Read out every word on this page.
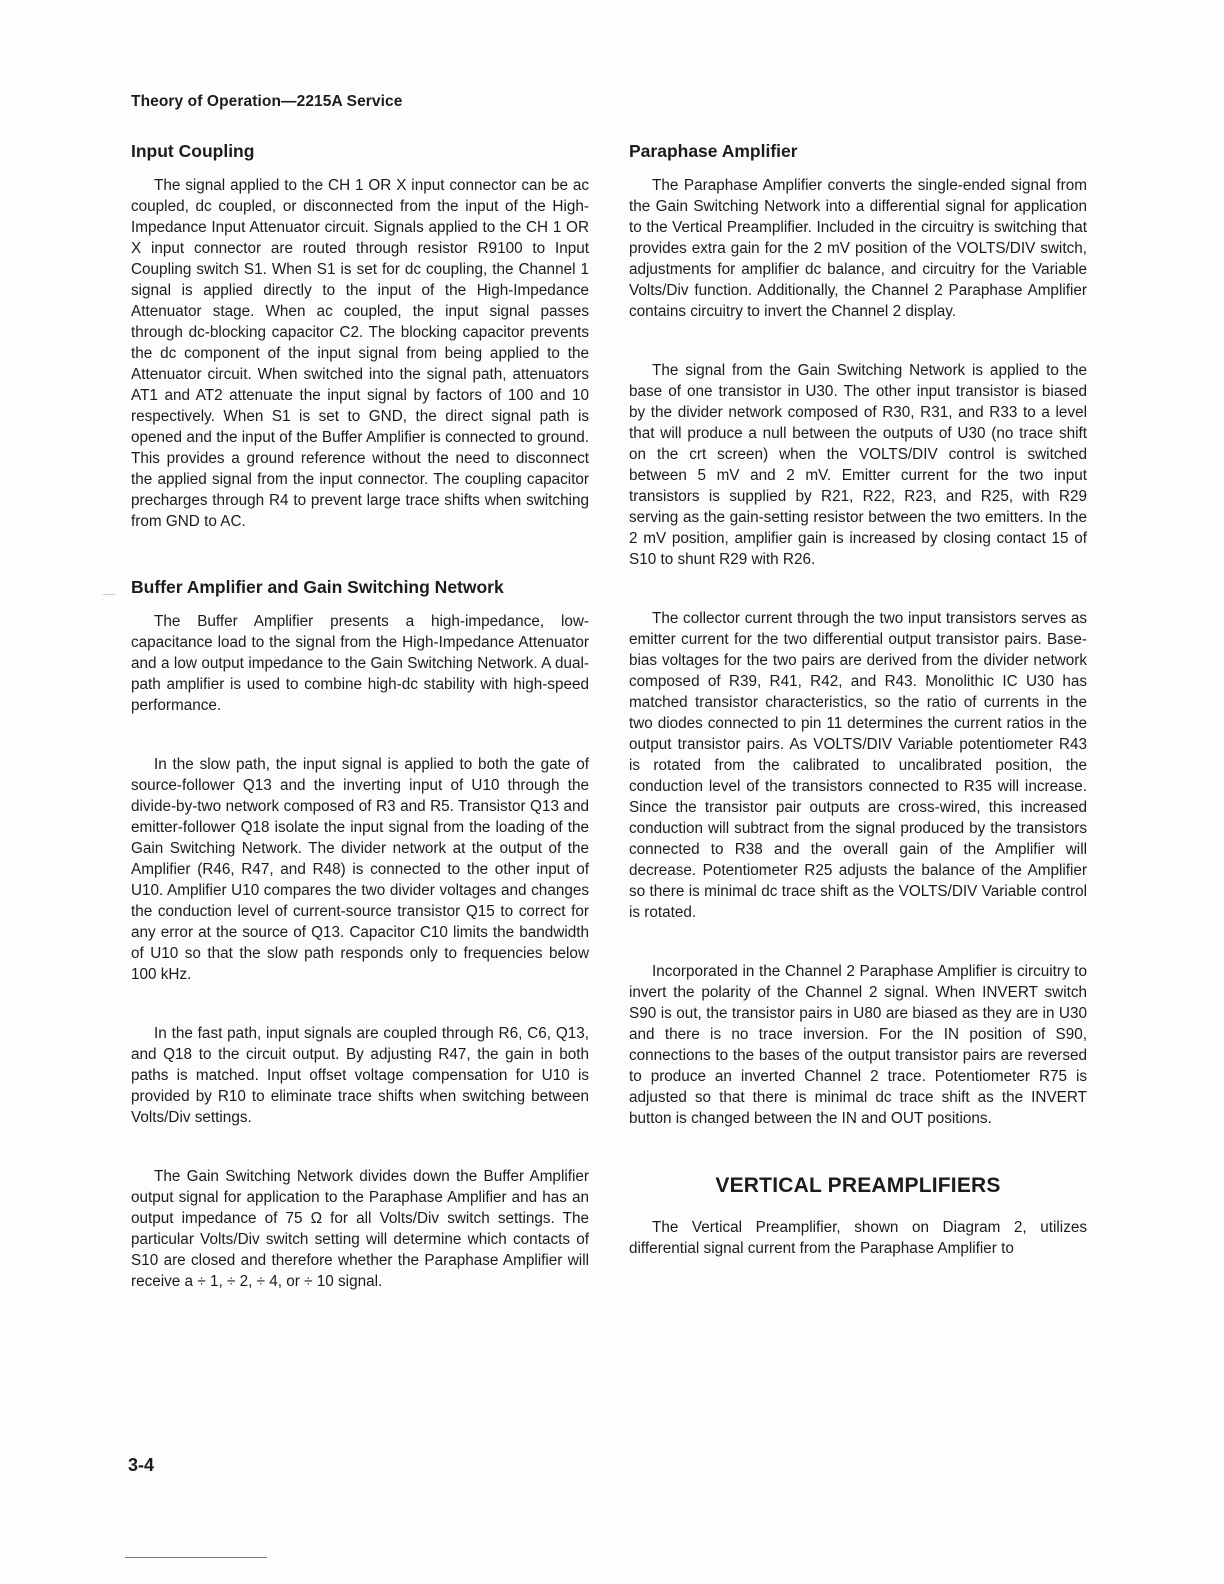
Theory of Operation—2215A Service
Input Coupling

The signal applied to the CH 1 OR X input connector can be ac coupled, dc coupled, or disconnected from the input of the High-Impedance Input Attenuator circuit. Signals applied to the CH 1 OR X input connector are routed through resistor R9100 to Input Coupling switch S1. When S1 is set for dc coupling, the Channel 1 signal is applied directly to the input of the High-Impedance Attenuator stage. When ac coupled, the input signal passes through dc-blocking capacitor C2. The blocking capacitor prevents the dc component of the input signal from being applied to the Attenuator circuit. When switched into the signal path, attenuators AT1 and AT2 attenuate the input signal by factors of 100 and 10 respectively. When S1 is set to GND, the direct signal path is opened and the input of the Buffer Amplifier is connected to ground. This provides a ground reference without the need to disconnect the applied signal from the input connector. The coupling capacitor precharges through R4 to prevent large trace shifts when switching from GND to AC.

Buffer Amplifier and Gain Switching Network

The Buffer Amplifier presents a high-impedance, low-capacitance load to the signal from the High-Impedance Attenuator and a low output impedance to the Gain Switching Network. A dual-path amplifier is used to combine high-dc stability with high-speed performance.

In the slow path, the input signal is applied to both the gate of source-follower Q13 and the inverting input of U10 through the divide-by-two network composed of R3 and R5. Transistor Q13 and emitter-follower Q18 isolate the input signal from the loading of the Gain Switching Network. The divider network at the output of the Amplifier (R46, R47, and R48) is connected to the other input of U10. Amplifier U10 compares the two divider voltages and changes the conduction level of current-source transistor Q15 to correct for any error at the source of Q13. Capacitor C10 limits the bandwidth of U10 so that the slow path responds only to frequencies below 100 kHz.

In the fast path, input signals are coupled through R6, C6, Q13, and Q18 to the circuit output. By adjusting R47, the gain in both paths is matched. Input offset voltage compensation for U10 is provided by R10 to eliminate trace shifts when switching between Volts/Div settings.

The Gain Switching Network divides down the Buffer Amplifier output signal for application to the Paraphase Amplifier and has an output impedance of 75 Ω for all Volts/Div switch settings. The particular Volts/Div switch setting will determine which contacts of S10 are closed and therefore whether the Paraphase Amplifier will receive a ÷ 1, ÷ 2, ÷ 4, or ÷ 10 signal.

Paraphase Amplifier

The Paraphase Amplifier converts the single-ended signal from the Gain Switching Network into a differential signal for application to the Vertical Preamplifier. Included in the circuitry is switching that provides extra gain for the 2 mV position of the VOLTS/DIV switch, adjustments for amplifier dc balance, and circuitry for the Variable Volts/Div function. Additionally, the Channel 2 Paraphase Amplifier contains circuitry to invert the Channel 2 display.

The signal from the Gain Switching Network is applied to the base of one transistor in U30. The other input transistor is biased by the divider network composed of R30, R31, and R33 to a level that will produce a null between the outputs of U30 (no trace shift on the crt screen) when the VOLTS/DIV control is switched between 5 mV and 2 mV. Emitter current for the two input transistors is supplied by R21, R22, R23, and R25, with R29 serving as the gain-setting resistor between the two emitters. In the 2 mV position, amplifier gain is increased by closing contact 15 of S10 to shunt R29 with R26.

The collector current through the two input transistors serves as emitter current for the two differential output transistor pairs. Base-bias voltages for the two pairs are derived from the divider network composed of R39, R41, R42, and R43. Monolithic IC U30 has matched transistor characteristics, so the ratio of currents in the two diodes connected to pin 11 determines the current ratios in the output transistor pairs. As VOLTS/DIV Variable potentiometer R43 is rotated from the calibrated to uncalibrated position, the conduction level of the transistors connected to R35 will increase. Since the transistor pair outputs are cross-wired, this increased conduction will subtract from the signal produced by the transistors connected to R38 and the overall gain of the Amplifier will decrease. Potentiometer R25 adjusts the balance of the Amplifier so there is minimal dc trace shift as the VOLTS/DIV Variable control is rotated.

Incorporated in the Channel 2 Paraphase Amplifier is circuitry to invert the polarity of the Channel 2 signal. When INVERT switch S90 is out, the transistor pairs in U80 are biased as they are in U30 and there is no trace inversion. For the IN position of S90, connections to the bases of the output transistor pairs are reversed to produce an inverted Channel 2 trace. Potentiometer R75 is adjusted so that there is minimal dc trace shift as the INVERT button is changed between the IN and OUT positions.

VERTICAL PREAMPLIFIERS

The Vertical Preamplifier, shown on Diagram 2, utilizes differential signal current from the Paraphase Amplifier to

3-4
